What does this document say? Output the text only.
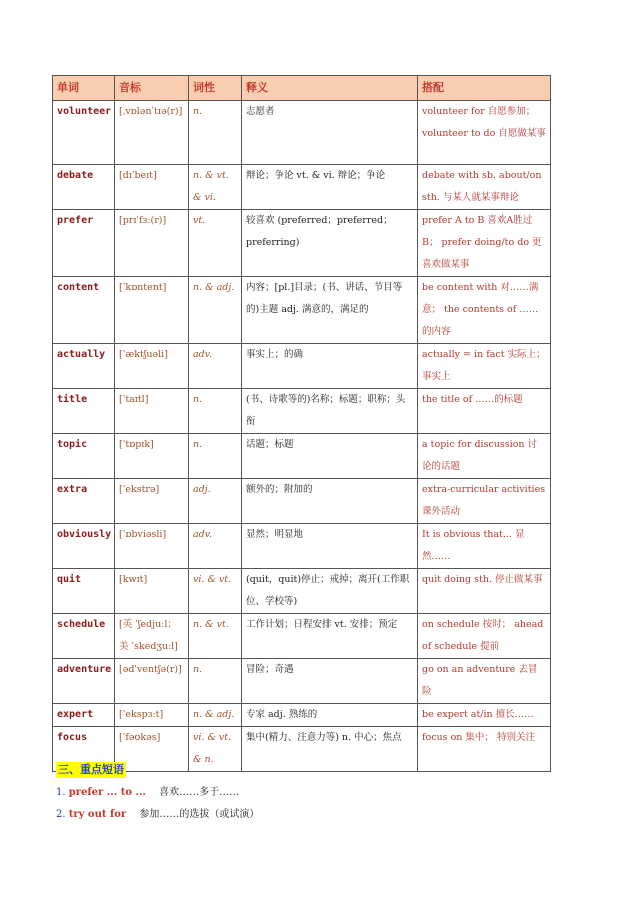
单词	音标	词性	释义	搭配
volunteer	[ˌvɒlənˈtɪə(r)]	n.	志愿者	volunteer for 自愿参加；volunteer to do 自愿做某事
debate	[dɪˈbeɪt]	n. & vt. & vi.	辩论；争论 vt. & vi. 辩论；争论	debate with sb. about/on sth. 与某人就某事辩论
prefer	[prɪˈfɜː(r)]	vt.	较喜欢 (preferred；preferred；preferring)	prefer A to B 喜欢A胜过B； prefer doing/to do 更喜欢做某事
content	[ˈkɒntent]	n. & adj.	内容；[pl.]目录；(书、讲话、节目等的)主题 adj. 满意的，满足的	be content with 对……满意； the contents of ……的内容
actually	[ˈæktʃuəli]	adv.	事实上；的确	actually = in fact 实际上；事实上
title	[ˈtaɪtl]	n.	(书、诗歌等的)名称；标题；职称；头衔	the title of ……的标题
topic	[ˈtɒpɪk]	n.	话题；标题	a topic for discussion 讨论的话题
extra	[ˈekstrə]	adj.	额外的；附加的	extra-curricular activities 课外活动
obviously	[ˈɒbviəsli]	adv.	显然；明显地	It is obvious that... 显然……
quit	[kwɪt]	vi. & vt.	(quit，quit)停止；戒掉；离开(工作职位、学校等)	quit doing sth. 停止做某事
schedule	[英 ˈʃedjuːl；美 ˈskedʒuːl]	n. & vt.	工作计划；日程安排 vt. 安排；预定	on schedule 按时； ahead of schedule 提前
adventure	[ədˈventʃə(r)]	n.	冒险；奇遇	go on an adventure 去冒险
expert	[ˈekspɜːt]	n. & adj.	专家 adj. 熟练的	be expert at/in 擅长……
focus	[ˈfəʊkəs]	vi. & vt. & n.	集中(精力、注意力等) n. 中心；焦点	focus on 集中； 特别关注
三、重点短语
1. prefer ... to ... 喜欢……多于……
2. try out for 参加……的选拔（或试演）
